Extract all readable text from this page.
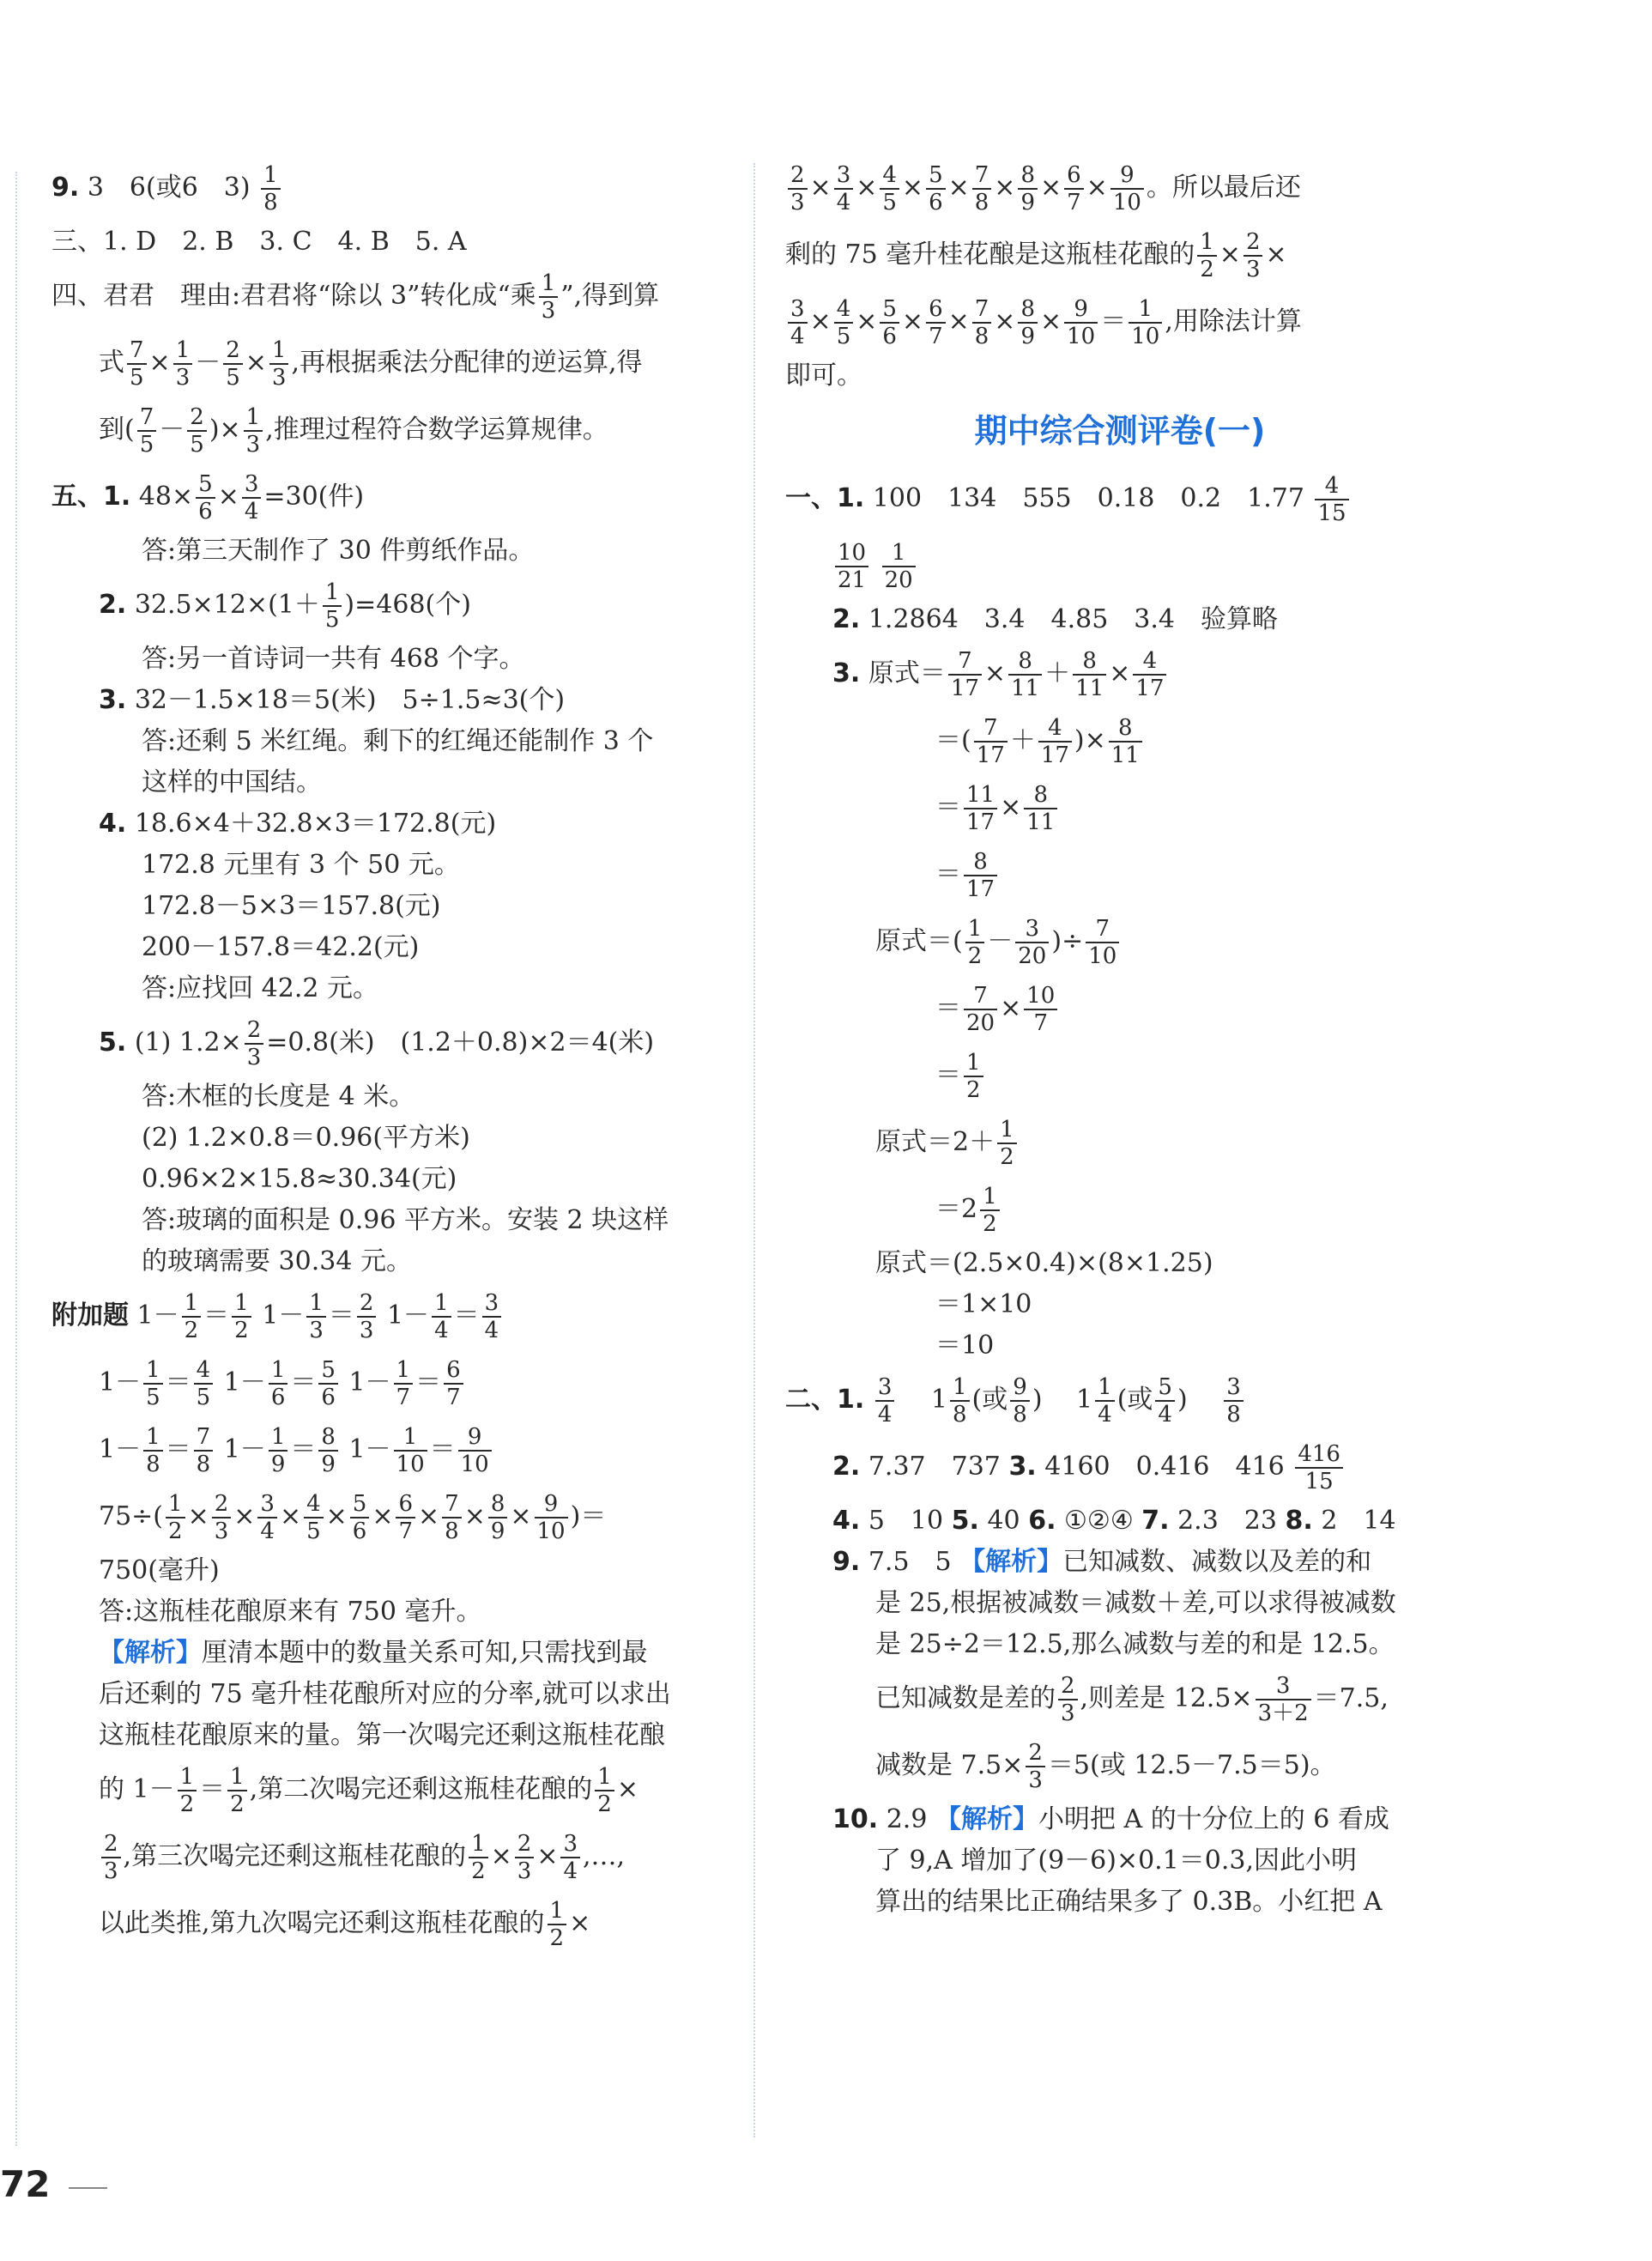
9. 3　6(或6　$3) \frac{1}{8}$
三、1. D　2. B　3. C　4. B　5. A
四、君君　理由:君君将“除以 3”转化成“乘 $\frac{1}{3}$ ”,得到算
式 $\frac{7}{5} \times \frac{1}{3} - \frac{2}{5} \times \frac{1}{3}$ ,再根据乘法分配律的逆运算,得
到( $\frac{7}{5} - \frac{2}{5}$ )× $\frac{1}{3}$ ,推理过程符合数学运算规律。
五、1. $48\times \frac{5}{6} \times \frac{3}{4} =30$(件)
答:第三天制作了 30 件剪纸作品。
2. $32.5\times 12\times(1+ \frac{1}{5} )=468$(个)
答:另一首诗词一共有 468 个字。
3. 32－1.5×18＝5(米)　5÷1.5≈3(个)
答:还剩 5 米红绳。剩下的红绳还能制作 3 个
这样的中国结。
4. 18.6×4＋32.8×3＝172.8(元)
172.8 元里有 3 个 50 元。
172.8－5×3＝157.8(元)
200－157.8＝42.2(元)
答:应找回 42.2 元。
5. (1) $1.2\times \frac{2}{3} =0.8$(米)　(1.2＋0.8)×2＝4(米)
答:木框的长度是 4 米。
(2) 1.2×0.8＝0.96(平方米)
0.96×2×15.8≈30.34(元)
答:玻璃的面积是 0.96 平方米。安装 2 块这样
的玻璃需要 30.34 元。
附加题 $1- \frac{1}{2} = \frac{1}{2} 1- \frac{1}{3} = \frac{2}{3} 1- \frac{1}{4} = \frac{3}{4}$
$1- \frac{1}{5} = \frac{4}{5} 1- \frac{1}{6} = \frac{5}{6} 1- \frac{1}{7} = \frac{6}{7}$
$1- \frac{1}{8} = \frac{7}{8} 1- \frac{1}{9} = \frac{8}{9} 1- \frac{1}{10} = \frac{9}{10}$
$75\div( \frac{1}{2} \times \frac{2}{3} \times \frac{3}{4} \times \frac{4}{5} \times \frac{5}{6} \times \frac{6}{7} \times \frac{7}{8} \times \frac{8}{9} \times \frac{9}{10}$ )＝
750(毫升)
答:这瓶桂花酿原来有 750 毫升。
【解析】厘清本题中的数量关系可知,只需找到最
后还剩的 75 毫升桂花酿所对应的分率,就可以求出
这瓶桂花酿原来的量。第一次喝完还剩这瓶桂花酿
的 $1- \frac{1}{2} = \frac{1}{2}$ ,第二次喝完还剩这瓶桂花酿的 $\frac{1}{2}$ ×
$\frac{2}{3}$ ,第三次喝完还剩这瓶桂花酿的 $\frac{1}{2} \times \frac{2}{3} \times \frac{3}{4}$ ,…,
以此类推,第九次喝完还剩这瓶桂花酿的 $\frac{1}{2}$ ×
$\frac{2}{3} \times \frac{3}{4} \times \frac{4}{5} \times \frac{5}{6} \times \frac{7}{8} \times \frac{8}{9} \times \frac{6}{7} \times \frac{9}{10}$ 。所以最后还
剩的 75 毫升桂花酿是这瓶桂花酿的 $\frac{1}{2} \times \frac{2}{3}$ ×
$\frac{3}{4} \times \frac{4}{5} \times \frac{5}{6} \times \frac{6}{7} \times \frac{7}{8} \times \frac{8}{9} \times \frac{9}{10} = \frac{1}{10}$ ,用除法计算
即可。
期中综合测评卷(一)
一、1. 100　134　555　0.18　0.2　$1.77 \frac{4}{15}$
$\frac{10}{21}$
$\frac{1}{20}$
2. 1.2864　3.4　4.85　3.4　验算略
3. 原式＝ $\frac{7}{17} \times \frac{8}{11} + \frac{8}{11} \times \frac{4}{17}$
＝( $\frac{7}{17} + \frac{4}{17}$ )× $\frac{8}{11}$
＝ $\frac{11}{17} \times \frac{8}{11}$
＝ $\frac{8}{17}$
原式＝( $\frac{1}{2} - \frac{3}{20}$ )÷ $\frac{7}{10}$
＝ $\frac{7}{20} \times \frac{10}{7}$
＝ $\frac{1}{2}$
原式$=2+ \frac{1}{2}$
$=2 \frac{1}{2}$
原式＝(2.5×0.4)×(8×1.25)
＝1×10
＝10
二、1. $\frac{3}{4}$ 　 $1 \frac{1}{8}$ (或 $\frac{9}{8}$ )　 $1 \frac{1}{4}$ (或 $\frac{5}{4}$ )　 $\frac{3}{8}$
2. 7.37　737 3. 4160　0.416　$416 \frac{416}{15}$
4. 5　10 5. 40 6. ①②④ 7. 2.3　23 8. 2　14
9. 7.5　5 【解析】已知减数、减数以及差的和
是 25,根据被减数＝减数＋差,可以求得被减数
是 25÷2＝12.5,那么减数与差的和是 12.5。
已知减数是差的 $\frac{2}{3}$ ,则差是 $12.5\times \frac{3}{3+2} =7.5$,
减数是 $7.5\times \frac{2}{3} =5$(或 12.5－7.5＝5)。
10. 2.9 【解析】小明把 A 的十分位上的 6 看成
了 9,A 增加了(9－6)×0.1＝0.3,因此小明
算出的结果比正确结果多了 0.3B。小红把 A
72
